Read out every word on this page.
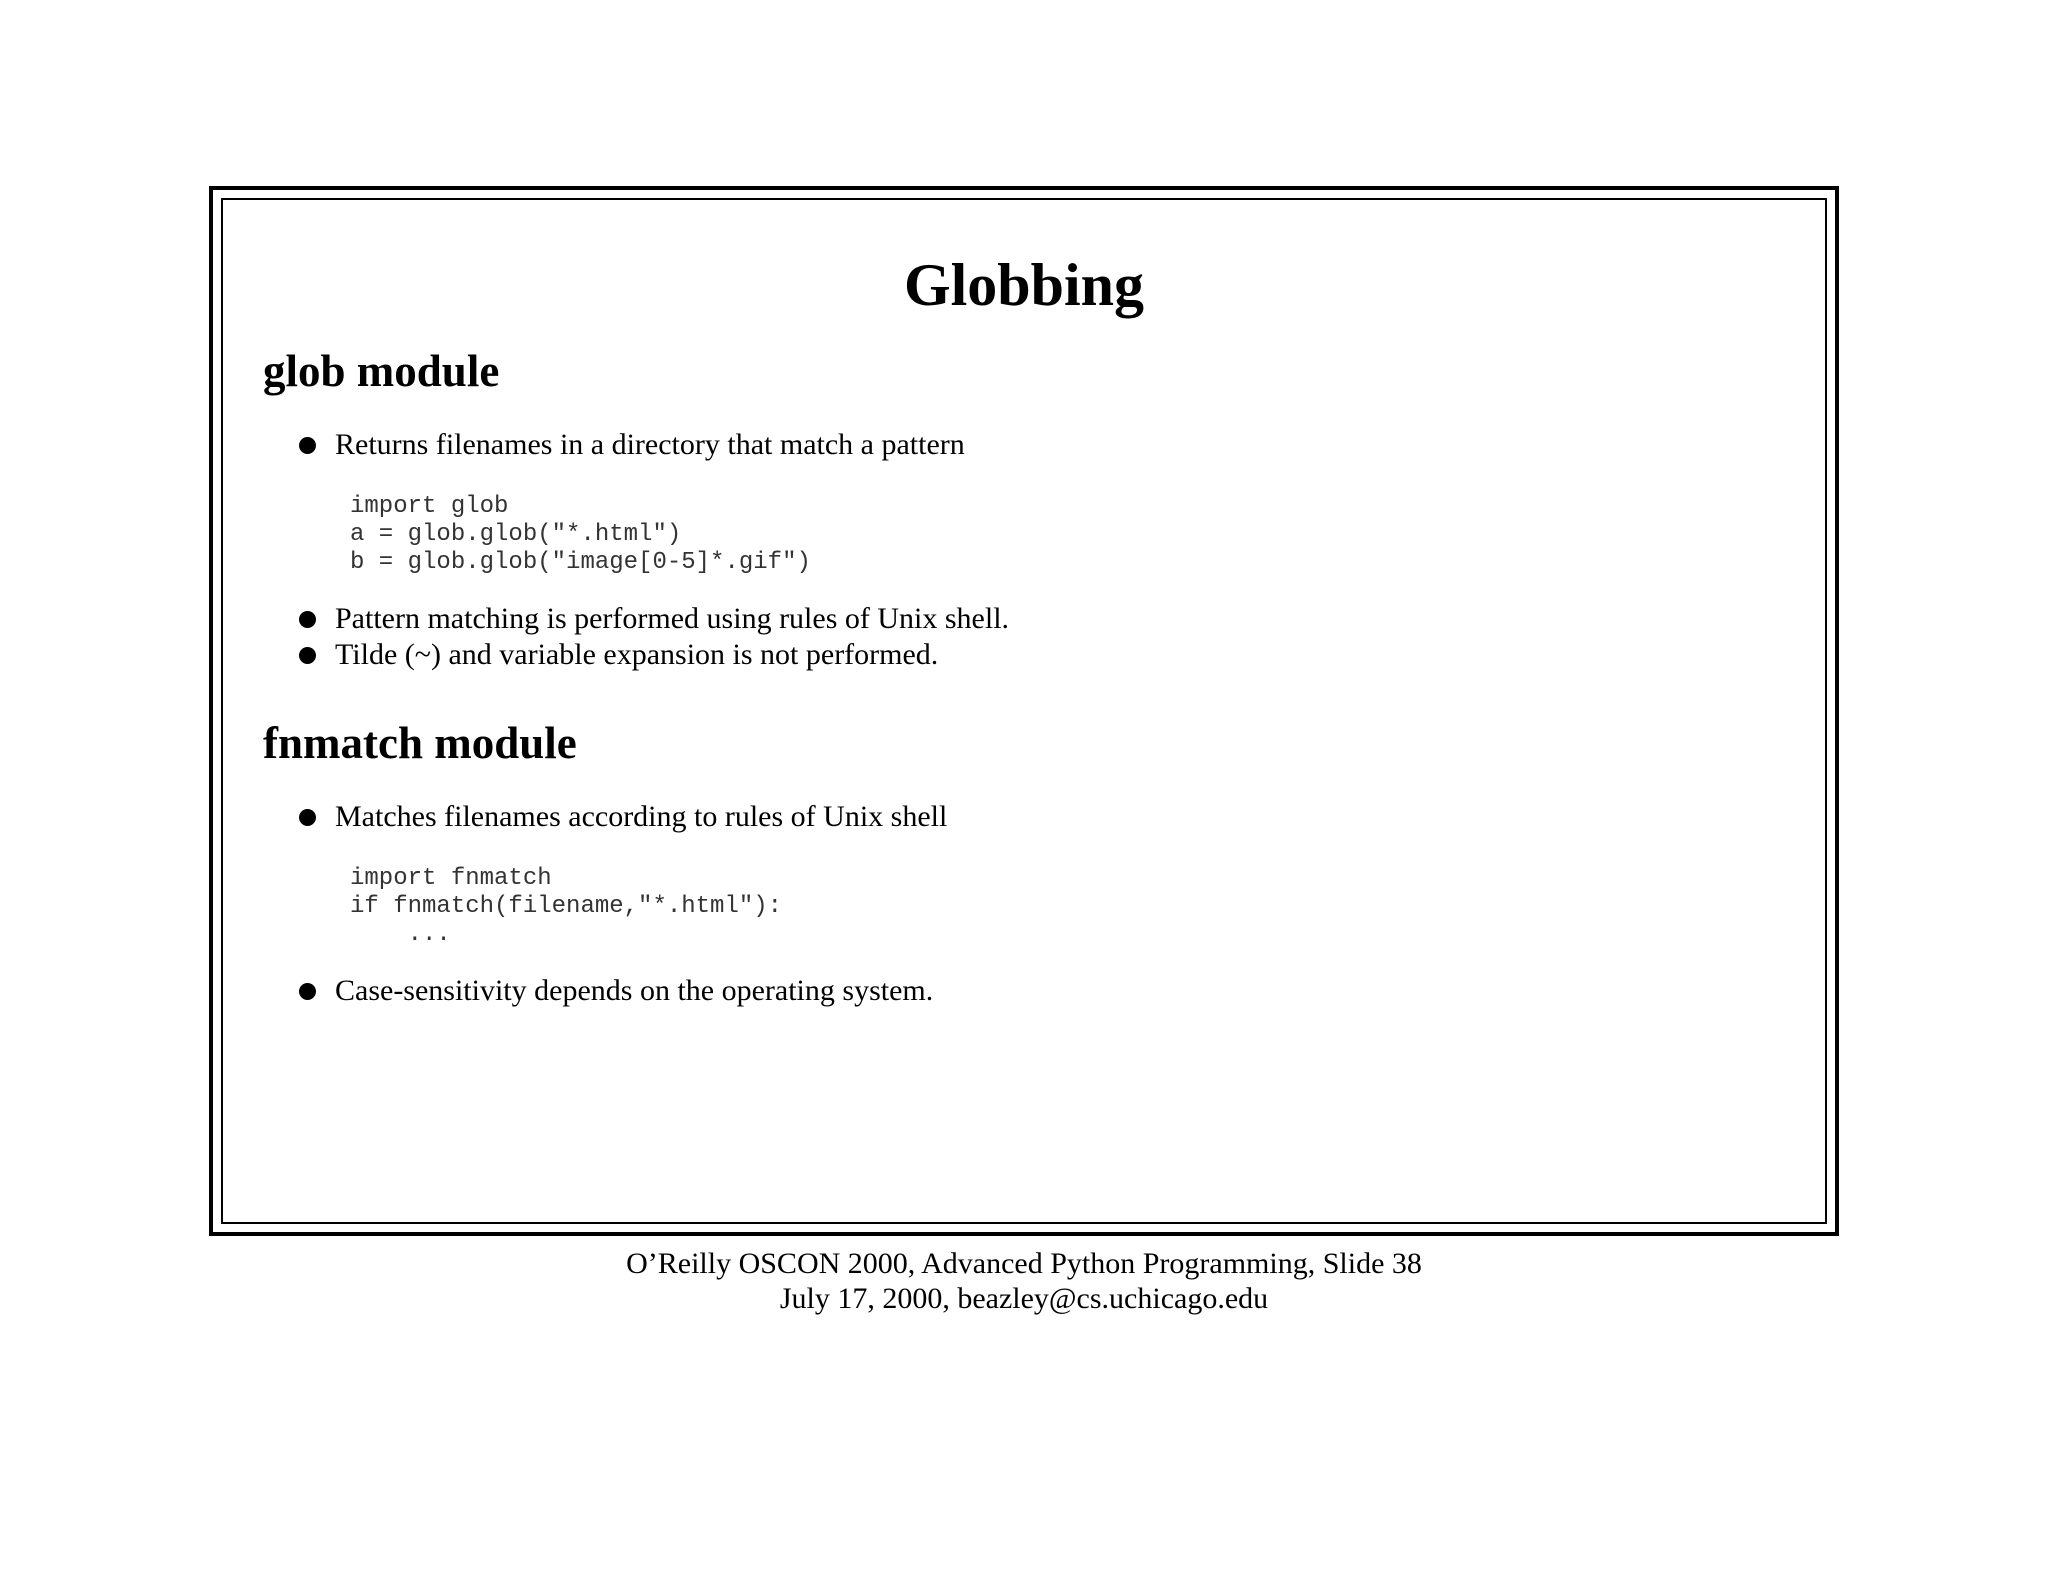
Globbing
glob module
Returns filenames in a directory that match a pattern
import glob
a = glob.glob("*.html")
b = glob.glob("image[0-5]*.gif")
Pattern matching is performed using rules of Unix shell.
Tilde (~) and variable expansion is not performed.
fnmatch module
Matches filenames according to rules of Unix shell
import fnmatch
if fnmatch(filename,"*.html"):
...
Case-sensitivity depends on the operating system.
O’Reilly OSCON 2000, Advanced Python Programming, Slide 38
July 17, 2000, beazley@cs.uchicago.edu
